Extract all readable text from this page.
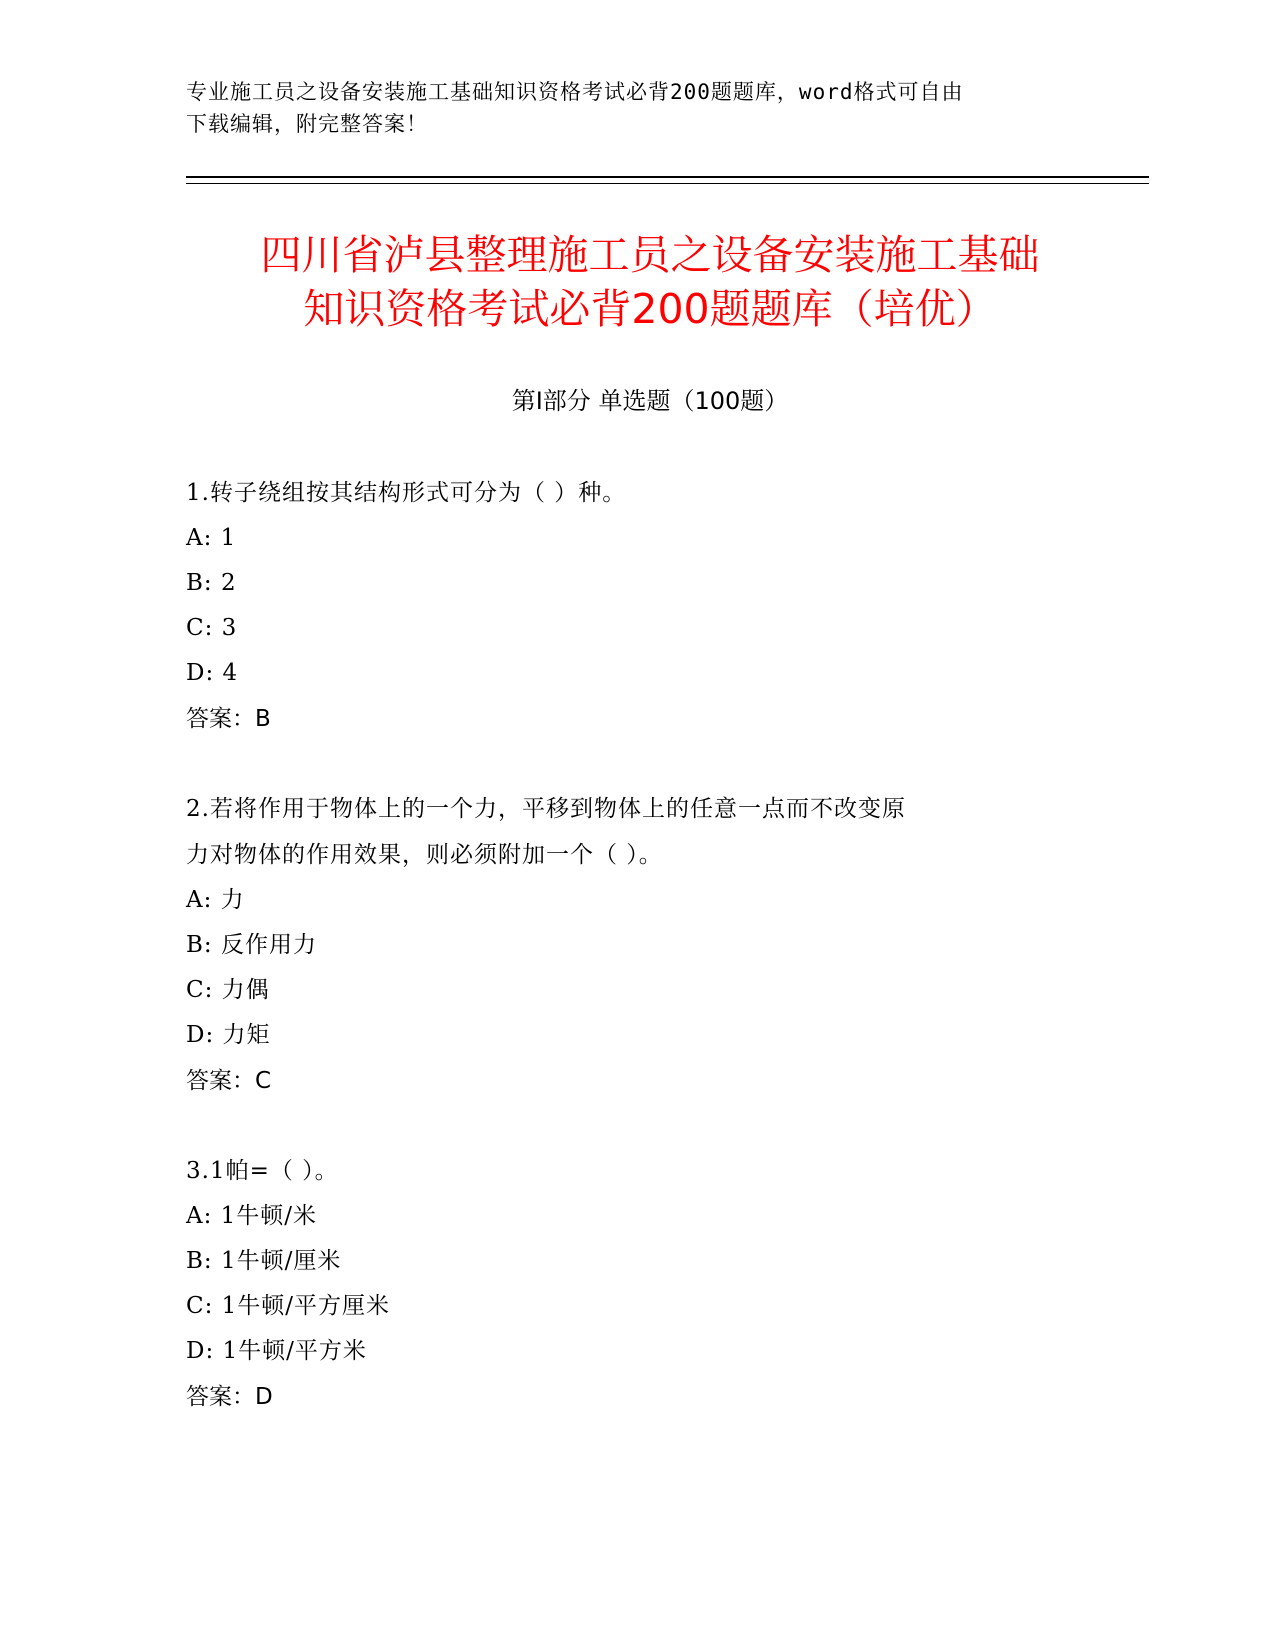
专业施工员之设备安装施工基础知识资格考试必背200题题库，word格式可自由
下载编辑，附完整答案！
四川省泸县整理施工员之设备安装施工基础
知识资格考试必背200题题库（培优）
第Ⅰ部分 单选题（100题）
1.转子绕组按其结构形式可分为（ ）种。
A: 1
B: 2
C: 3
D: 4
答案：B
2.若将作用于物体上的一个力，平移到物体上的任意一点而不改变原
力对物体的作用效果，则必须附加一个（ ）。
A: 力
B: 反作用力
C: 力偶
D: 力矩
答案：C
3.1帕=（ ）。
A: 1牛顿/米
B: 1牛顿/厘米
C: 1牛顿/平方厘米
D: 1牛顿/平方米
答案：D
